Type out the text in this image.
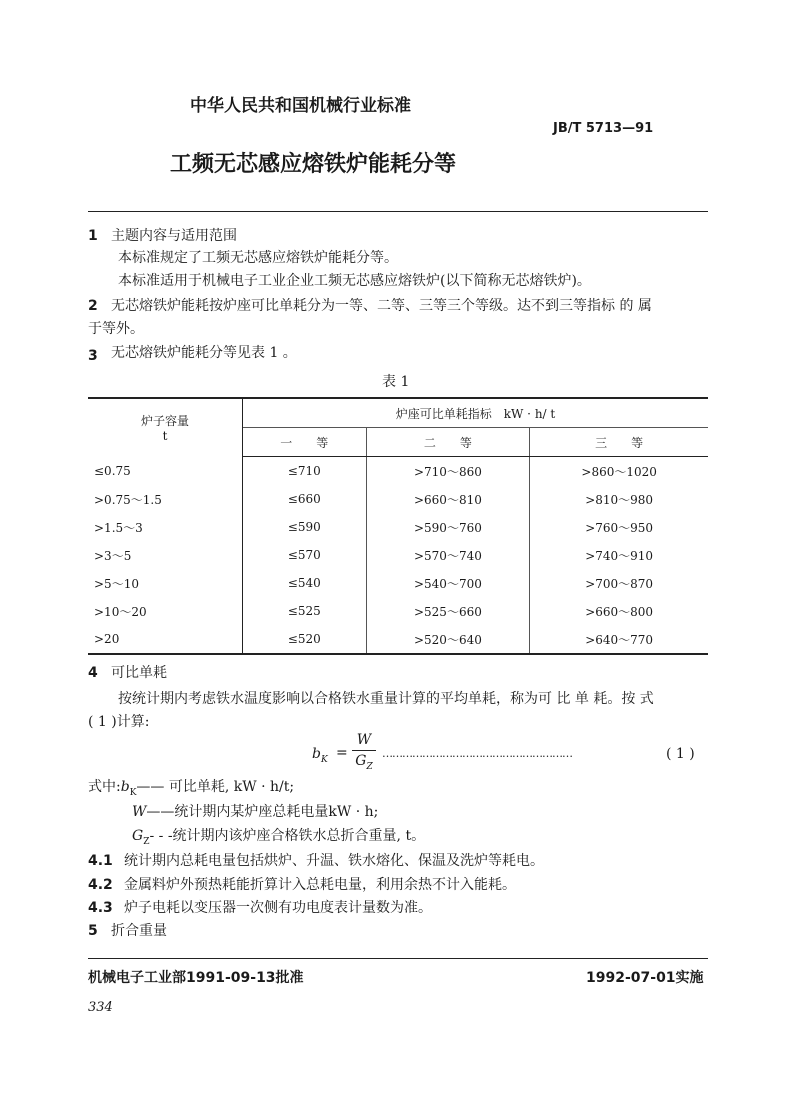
中华人民共和国机械行业标准
JB/T 5713—91
工频无芯感应熔铁炉能耗分等
1 主题内容与适用范围
本标准规定了工频无芯感应熔铁炉能耗分等。
本标准适用于机械电子工业企业工频无芯感应熔铁炉(以下简称无芯熔铁炉)。
2 无芯熔铁炉能耗按炉座可比单耗分为一等、二等、三等三个等级。达不到三等指标 的 属
于等外。
3 无芯熔铁炉能耗分等见表 1 。
表 1
炉子容量
t	炉座可比单耗指标　kW · h/ t		
	一　　等	二　　等	三　　等
≤0.75	≤710	>710～860	>860～1020
>0.75～1.5	≤660	>660～810	>810～980
>1.5～3	≤590	>590～760	>760～950
>3～5	≤570	>570～740	>740～910
>5～10	≤540	>540～700	>700～870
>10～20	≤525	>525～660	>660～800
>20	≤520	>520～640	>640～770
4 可比单耗
按统计期内考虑铁水温度影响以合格铁水重量计算的平均单耗，称为可 比 单 耗。按 式
( 1 )计算:
$b_K$ =
W
$G_Z$
…………………………………………………	( 1 )
式中$:b_K——$ 可比单耗, kW · h/t;
W——统计期内某炉座总耗电量kW · h;
$G_Z-$ - -统计期内该炉座合格铁水总折合重量, t。
4.1 统计期内总耗电量包括烘炉、升温、铁水熔化、保温及洗炉等耗电。
4.2 金属料炉外预热耗能折算计入总耗电量，利用余热不计入能耗。
4.3 炉子电耗以变压器一次侧有功电度表计量数为准。
5 折合重量
机械电子工业部1991-09-13批准	1992-07-01实施
334
